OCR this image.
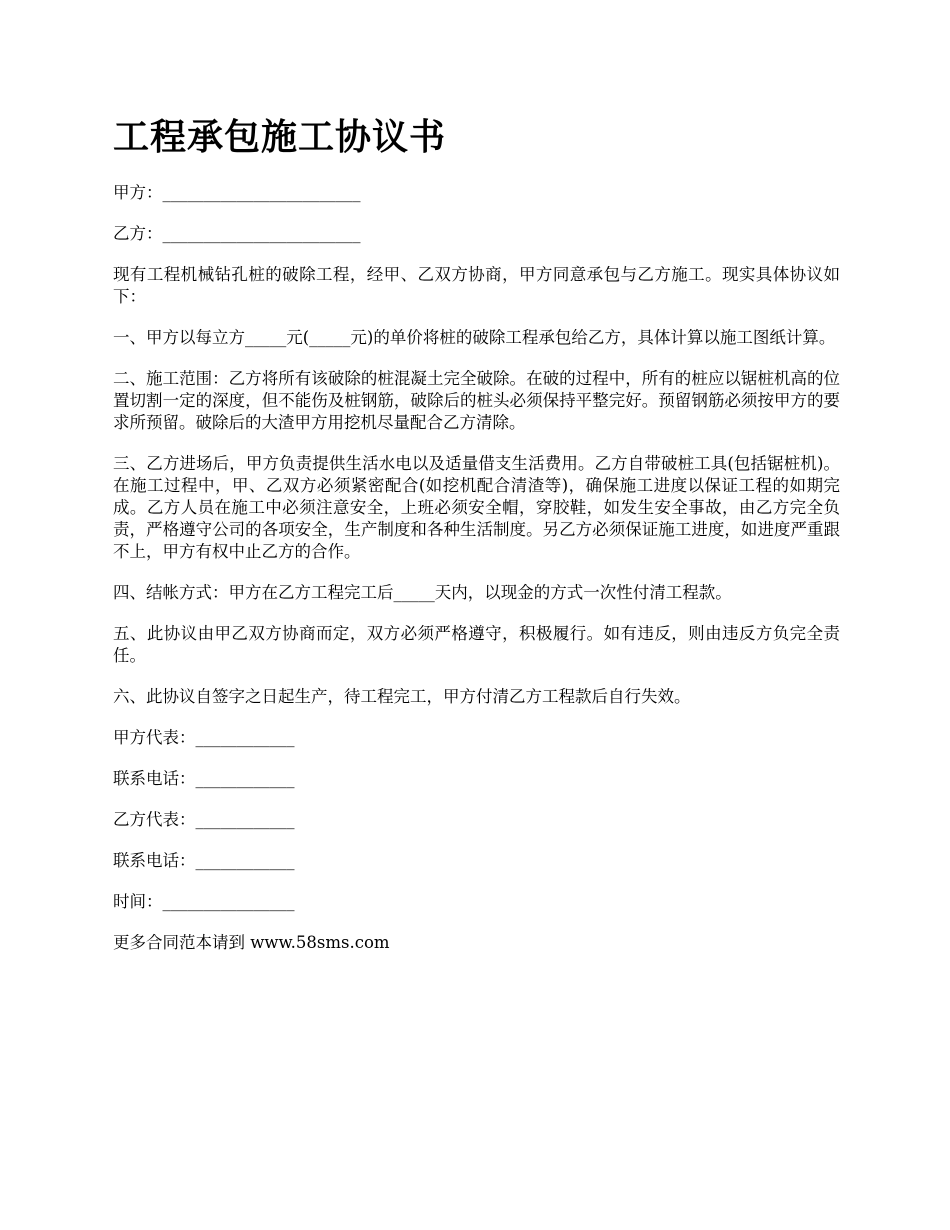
工程承包施工协议书

甲方：________________________

乙方：________________________

现有工程机械钻孔桩的破除工程，经甲、乙双方协商，甲方同意承包与乙方施工。现实具体协议如下：

一、甲方以每立方_____元(_____元)的单价将桩的破除工程承包给乙方，具体计算以施工图纸计算。

二、施工范围：乙方将所有该破除的桩混凝土完全破除。在破的过程中，所有的桩应以锯桩机高的位置切割一定的深度，但不能伤及桩钢筋，破除后的桩头必须保持平整完好。预留钢筋必须按甲方的要求所预留。破除后的大渣甲方用挖机尽量配合乙方清除。

三、乙方进场后，甲方负责提供生活水电以及适量借支生活费用。乙方自带破桩工具(包括锯桩机)。在施工过程中，甲、乙双方必须紧密配合(如挖机配合清渣等)，确保施工进度以保证工程的如期完成。乙方人员在施工中必须注意安全，上班必须安全帽，穿胶鞋，如发生安全事故，由乙方完全负责，严格遵守公司的各项安全，生产制度和各种生活制度。另乙方必须保证施工进度，如进度严重跟不上，甲方有权中止乙方的合作。

四、结帐方式：甲方在乙方工程完工后_____天内，以现金的方式一次性付清工程款。

五、此协议由甲乙双方协商而定，双方必须严格遵守，积极履行。如有违反，则由违反方负完全责任。

六、此协议自签字之日起生产，待工程完工，甲方付清乙方工程款后自行失效。

甲方代表：____________

联系电话：____________

乙方代表：____________

联系电话：____________

时间：________________

更多合同范本请到 www.58sms.com
